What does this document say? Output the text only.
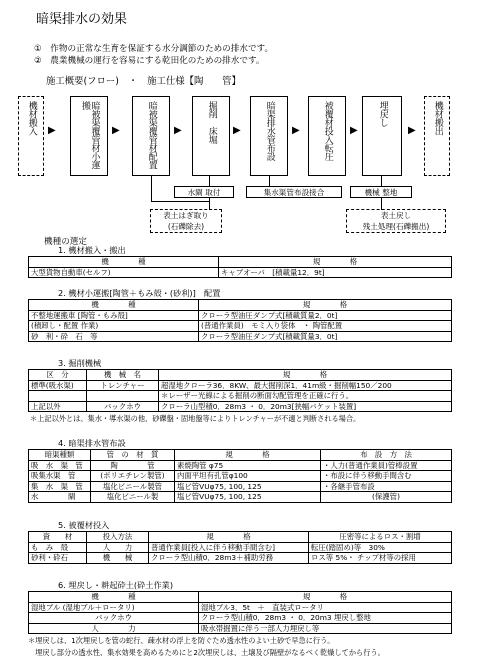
暗渠排水の効果
①　作物の正常な生育を保証する水分調節のための排水です。
②　農業機械の運行を容易にする乾田化のための排水です。
施工概要(フロー)　・　施工仕様【陶　　管】
機材搬入 ▶	暗被渠覆管材小運搬
▶	暗被渠覆管材配置 ▶	掘削　床堀 ▶	暗渠排水管布設 ▶	被覆材投入転圧 ▶
埋戻し
▶ 機材搬出
水閘 取付	集水渠管布設接合	機械 整地
表土はぎ取り
(石礫除去)
表土戻し
残土処理(石礫搬出)
機種の選定
1. 機材搬入・搬出
機　　　　種	規　　　　格
大型貨物自動車(セルフ)	キャブオーバ　[積載量12．9t]
2. 機材小運搬[陶管＋もみ殻・(砂利)]　配置
機　　　　種	規　　　　格
不整地運搬車 [陶管・もみ殻]	クローラ型油圧ダンプ式[積載質量2．0t]
(積卸し・配置 作業)	(普通作業員)　モミ入り袋体　・ 陶管配置
砂　利・砕　石　等	クローラ型油圧ダンプ式[積載質量3．0t]
3. 掘削機械
区　分	機　械　名	規　　　　格
標準(吸水渠)	トレンチャー	超湿地クローラ36．8KW、最大掘削深1．41m級・掘削幅150／200
		＊レーザー光線による掘削の断面勾配管理を正確に行う。
上記以外	バックホウ	クローラ山型積0．28m3 ・ 0．20m3[狭幅バケット装置]
＊上記以外とは、集水・導水渠の他、砂礫盤・固地盤等によりトレンチャーが不適と判断される場合。
4. 暗渠排水管布設
暗渠種類	管　の　材　質	規　　　　格	布　設　方　法
吸　水　渠　管	陶　　　　管	素焼陶管 φ75	・人力(普通作業員)管棒設置
吸集水渠　管	(ポリエチレン製管)	内面平坦有孔管φ100	・布設に伴う移動手間含む
集　水　渠　管	塩化ビニール製管	塩ビ管VUφ75, 100, 125	・各継手管布設
水　　　　閘	塩化ビニール製	塩ビ管VUφ75, 100, 125	(保護管)
5. 被覆材投入
資　　材	投入方法	規　　　　格	圧密等によるロス・割増
も　み　殻	人　　力	普通作業員[投入に伴う移動手間含む]	転圧(踏固め)等　30%
砂利・砕石	機　　械	クローラ型山積0．28m3＋補助労務	ロス等 5%・ チップ材等の採用
6. 埋戻し・耕起砕土(砕土作業)
機　　　　種	規　　　　格
湿地ブル (湿地ブル＋ロータリ)	湿地ブル3．5t　＋　直装式ロータリ
バックホウ	クローラ型山積0．28m3 ・ 0．20m3 埋戻し整地
人　　　　力	吸水帯掘置に伴う一部人力埋戻し等
＊埋戻しは、1次埋戻しを管の蛇行、疎水材の浮上を防ぐため透水性のよい土砂で早急に行う。
　埋戻し部分の透水性、集水効果を高めるためにと2次埋戻しは、土壌及び隔壁がなるべく乾燥してから行う。
